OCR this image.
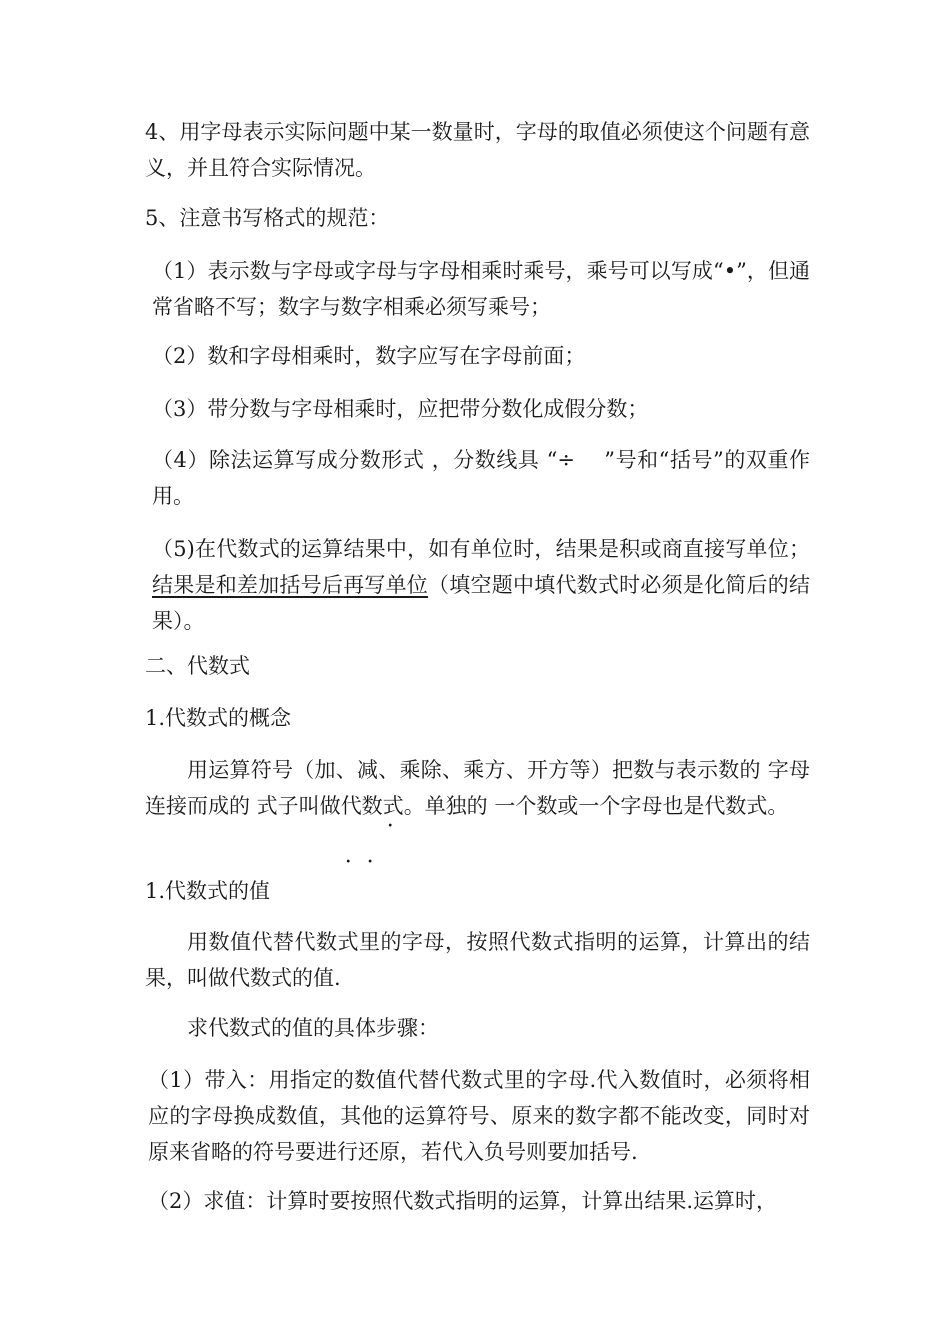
4、用字母表示实际问题中某一数量时，字母的取值必须使这个问题有意义，并且符合实际情况。

5、注意书写格式的规范：

（1）表示数与字母或字母与字母相乘时乘号，乘号可以写成“•”，但通常省略不写；数字与数字相乘必须写乘号；

（2）数和字母相乘时，数字应写在字母前面；

（3）带分数与字母相乘时，应把带分数化成假分数；

（4）除法运算写成分数形式 ，分数线具 “÷　 ”号和“括号”的双重作用。

（5)在代数式的运算结果中，如有单位时，结果是积或商直接写单位；结果是和差加括号后再写单位（填空题中填代数式时必须是化简后的结果）。

二、代数式

1.代数式的概念

用运算符号（加、减、乘除、乘方、开方等）把数与表示数的 字母连接而成的 式子叫做代数式 · · ·。单独的 一个数或一个字母也是代数式。

1.代数式的值

用数值代替代数式里的字母，按照代数式指明的运算，计算出的结果，叫做代数式的值.

求代数式的值的具体步骤：

（1）带入：用指定的数值代替代数式里的字母.代入数值时，必须将相应的字母换成数值，其他的运算符号、原来的数字都不能改变，同时对原来省略的符号要进行还原，若代入负号则要加括号.

（2）求值：计算时要按照代数式指明的运算，计算出结果.运算时，
